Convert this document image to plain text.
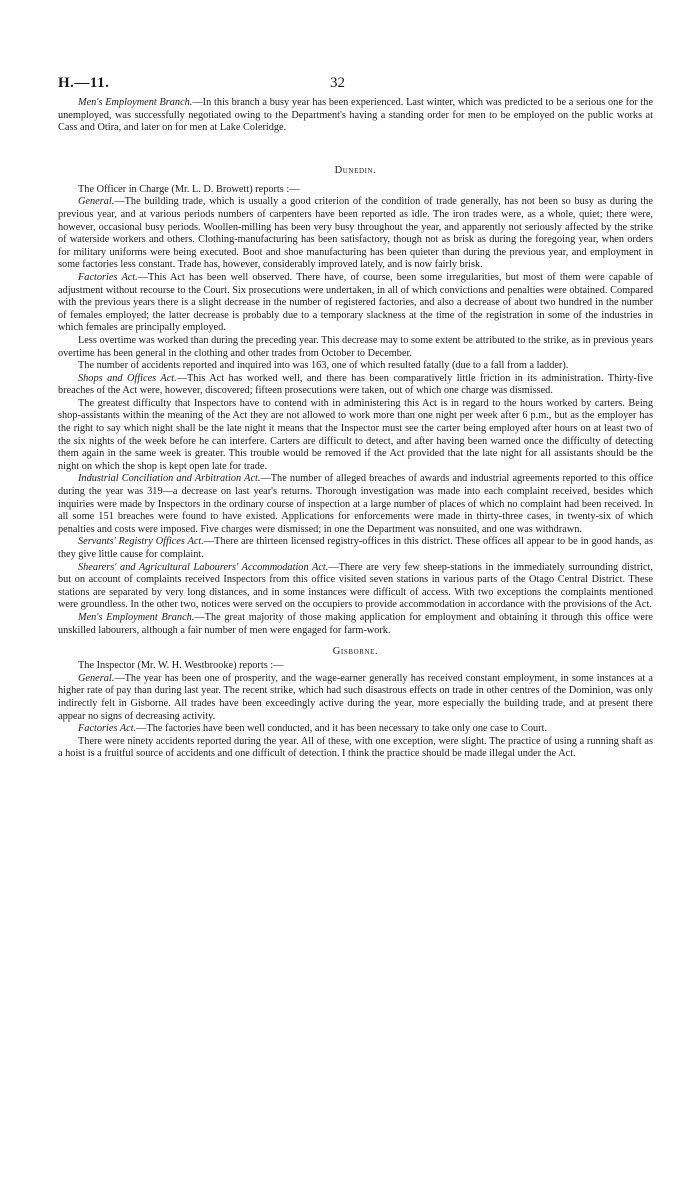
H.—11.	32

Men's Employment Branch.—In this branch a busy year has been experienced. Last winter, which was predicted to be a serious one for the unemployed, was successfully negotiated owing to the Department's having a standing order for men to be employed on the public works at Cass and Otira, and later on for men at Lake Coleridge.

Dunedin.

The Officer in Charge (Mr. L. D. Browett) reports :—

General.—The building trade, which is usually a good criterion of the condition of trade generally, has not been so busy as during the previous year, and at various periods numbers of carpenters have been reported as idle. The iron trades were, as a whole, quiet; there were, however, occasional busy periods. Woollen-milling has been very busy throughout the year, and apparently not seriously affected by the strike of waterside workers and others. Clothing-manufacturing has been satisfactory, though not as brisk as during the foregoing year, when orders for military uniforms were being executed. Boot and shoe manufacturing has been quieter than during the previous year, and employment in some factories less constant. Trade has, however, considerably improved lately, and is now fairly brisk.

Factories Act.—This Act has been well observed. There have, of course, been some irregularities, but most of them were capable of adjustment without recourse to the Court. Six prosecutions were undertaken, in all of which convictions and penalties were obtained. Compared with the previous years there is a slight decrease in the number of registered factories, and also a decrease of about two hundred in the number of females employed; the latter decrease is probably due to a temporary slackness at the time of the registration in some of the industries in which females are principally employed.

Less overtime was worked than during the preceding year. This decrease may to some extent be attributed to the strike, as in previous years overtime has been general in the clothing and other trades from October to December.

The number of accidents reported and inquired into was 163, one of which resulted fatally (due to a fall from a ladder).

Shops and Offices Act.—This Act has worked well, and there has been comparatively little friction in its administration. Thirty-five breaches of the Act were, however, discovered; fifteen prosecutions were taken, out of which one charge was dismissed.

The greatest difficulty that Inspectors have to contend with in administering this Act is in regard to the hours worked by carters. Being shop-assistants within the meaning of the Act they are not allowed to work more than one night per week after 6 p.m., but as the employer has the right to say which night shall be the late night it means that the Inspector must see the carter being employed after hours on at least two of the six nights of the week before he can interfere. Carters are difficult to detect, and after having been warned once the difficulty of detecting them again in the same week is greater. This trouble would be removed if the Act provided that the late night for all assistants should be the night on which the shop is kept open late for trade.

Industrial Conciliation and Arbitration Act.—The number of alleged breaches of awards and industrial agreements reported to this office during the year was 319—a decrease on last year's returns. Thorough investigation was made into each complaint received, besides which inquiries were made by Inspectors in the ordinary course of inspection at a large number of places of which no complaint had been received. In all some 151 breaches were found to have existed. Applications for enforcements were made in thirty-three cases, in twenty-six of which penalties and costs were imposed. Five charges were dismissed; in one the Department was nonsuited, and one was withdrawn.

Servants' Registry Offices Act.—There are thirteen licensed registry-offices in this district. These offices all appear to be in good hands, as they give little cause for complaint.

Shearers' and Agricultural Labourers' Accommodation Act.—There are very few sheep-stations in the immediately surrounding district, but on account of complaints received Inspectors from this office visited seven stations in various parts of the Otago Central District. These stations are separated by very long distances, and in some instances were difficult of access. With two exceptions the complaints mentioned were groundless. In the other two, notices were served on the occupiers to provide accommodation in accordance with the provisions of the Act.

Men's Employment Branch.—The great majority of those making application for employment and obtaining it through this office were unskilled labourers, although a fair number of men were engaged for farm-work.

Gisborne.

The Inspector (Mr. W. H. Westbrooke) reports :—

General.—The year has been one of prosperity, and the wage-earner generally has received constant employment, in some instances at a higher rate of pay than during last year. The recent strike, which had such disastrous effects on trade in other centres of the Dominion, was only indirectly felt in Gisborne. All trades have been exceedingly active during the year, more especially the building trade, and at present there appear no signs of decreasing activity.

Factories Act.—The factories have been well conducted, and it has been necessary to take only one case to Court.

There were ninety accidents reported during the year. All of these, with one exception, were slight. The practice of using a running shaft as a hoist is a fruitful source of accidents and one difficult of detection. I think the practice should be made illegal under the Act.
